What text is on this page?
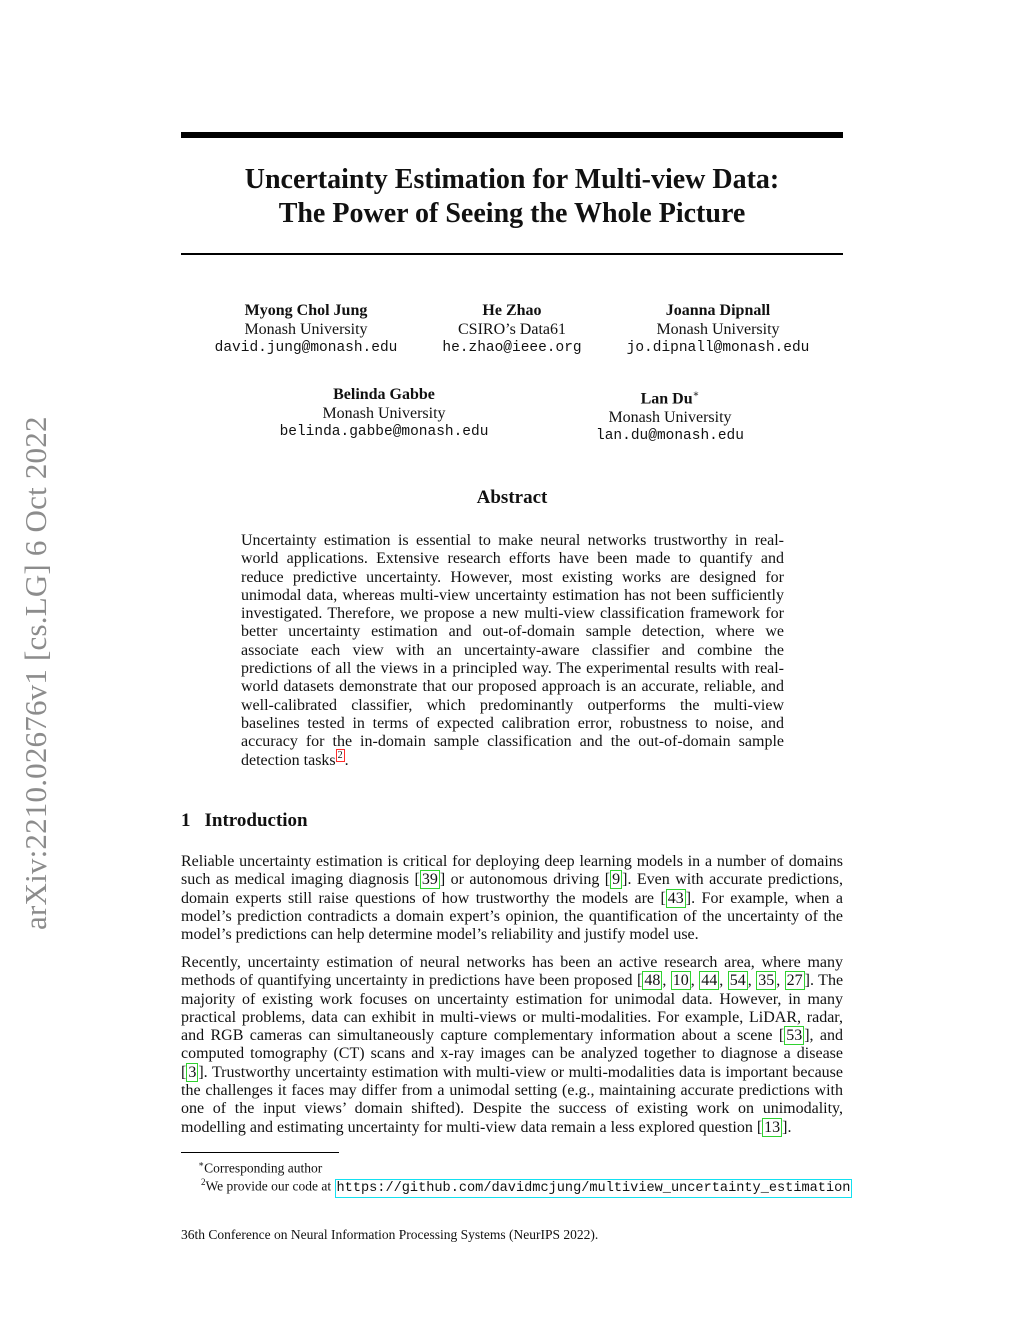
arXiv:2210.02676v1 [cs.LG] 6 Oct 2022
Uncertainty Estimation for Multi-view Data:
The Power of Seeing the Whole Picture
Myong Chol Jung
Monash University
david.jung@monash.edu
He Zhao
CSIRO’s Data61
he.zhao@ieee.org
Joanna Dipnall
Monash University
jo.dipnall@monash.edu
Belinda Gabbe
Monash University
belinda.gabbe@monash.edu
Lan Du∗
Monash University
lan.du@monash.edu
Abstract
Uncertainty estimation is essential to make neural networks trustworthy in real-world applications. Extensive research efforts have been made to quantify and reduce predictive uncertainty. However, most existing works are designed for unimodal data, whereas multi-view uncertainty estimation has not been sufficiently investigated. Therefore, we propose a new multi-view classification framework for better uncertainty estimation and out-of-domain sample detection, where we associate each view with an uncertainty-aware classifier and combine the predictions of all the views in a principled way. The experimental results with real-world datasets demonstrate that our proposed approach is an accurate, reliable, and well-calibrated classifier, which predominantly outperforms the multi-view baselines tested in terms of expected calibration error, robustness to noise, and accuracy for the in-domain sample classification and the out-of-domain sample detection tasks $^2$ .
1 Introduction
Reliable uncertainty estimation is critical for deploying deep learning models in a number of domains such as medical imaging diagnosis [ 39 ] or autonomous driving [ 9 ]. Even with accurate predictions, domain experts still raise questions of how trustworthy the models are [ 43 ]. For example, when a model’s prediction contradicts a domain expert’s opinion, the quantification of the uncertainty of the model’s predictions can help determine model’s reliability and justify model use.
Recently, uncertainty estimation of neural networks has been an active research area, where many methods of quantifying uncertainty in predictions have been proposed [ 48 , 10 , 44 , 54 , 35 , 27 ]. The majority of existing work focuses on uncertainty estimation for unimodal data. However, in many practical problems, data can exhibit in multi-views or multi-modalities. For example, LiDAR, radar, and RGB cameras can simultaneously capture complementary information about a scene [ 53 ], and computed tomography (CT) scans and x-ray images can be analyzed together to diagnose a disease [ 3 ]. Trustworthy uncertainty estimation with multi-view or multi-modalities data is important because the challenges it faces may differ from a unimodal setting (e.g., maintaining accurate predictions with one of the input views’ domain shifted). Despite the success of existing work on unimodality, modelling and estimating uncertainty for multi-view data remain a less explored question [ 13 ].
∗Corresponding author
$^2$We provide our code at https://github.com/davidmcjung/multiview_uncertainty_estimation
36th Conference on Neural Information Processing Systems (NeurIPS 2022).
